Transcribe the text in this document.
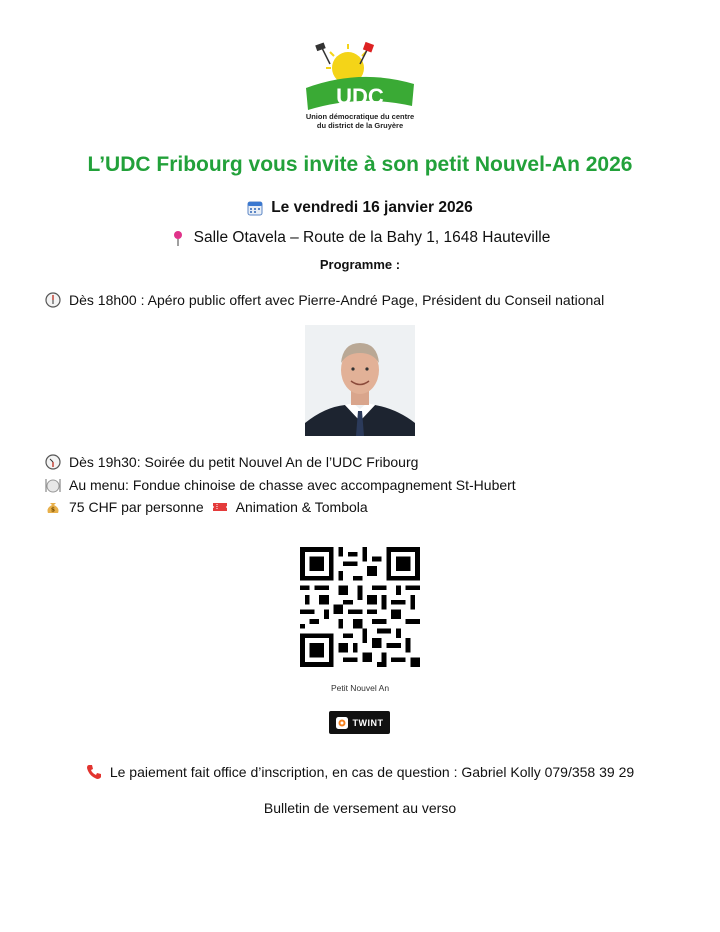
UDC
Union démocratique du centre
du district de la Gruyère
L’UDC Fribourg vous invite à son petit Nouvel-An 2026
Le vendredi 16 janvier 2026
Salle Otavela – Route de la Bahy 1, 1648 Hauteville
Programme :
Dès 18h00 : Apéro public offert avec Pierre-André Page, Président du Conseil national
Dès 19h30: Soirée du petit Nouvel An de l’UDC Fribourg
Au menu: Fondue chinoise de chasse avec accompagnement St-Hubert
$ 75 CHF par personne Animation & Tombola
Petit Nouvel An
TWINT
Le paiement fait office d’inscription, en cas de question : Gabriel Kolly 079/358 39 29
Bulletin de versement au verso
